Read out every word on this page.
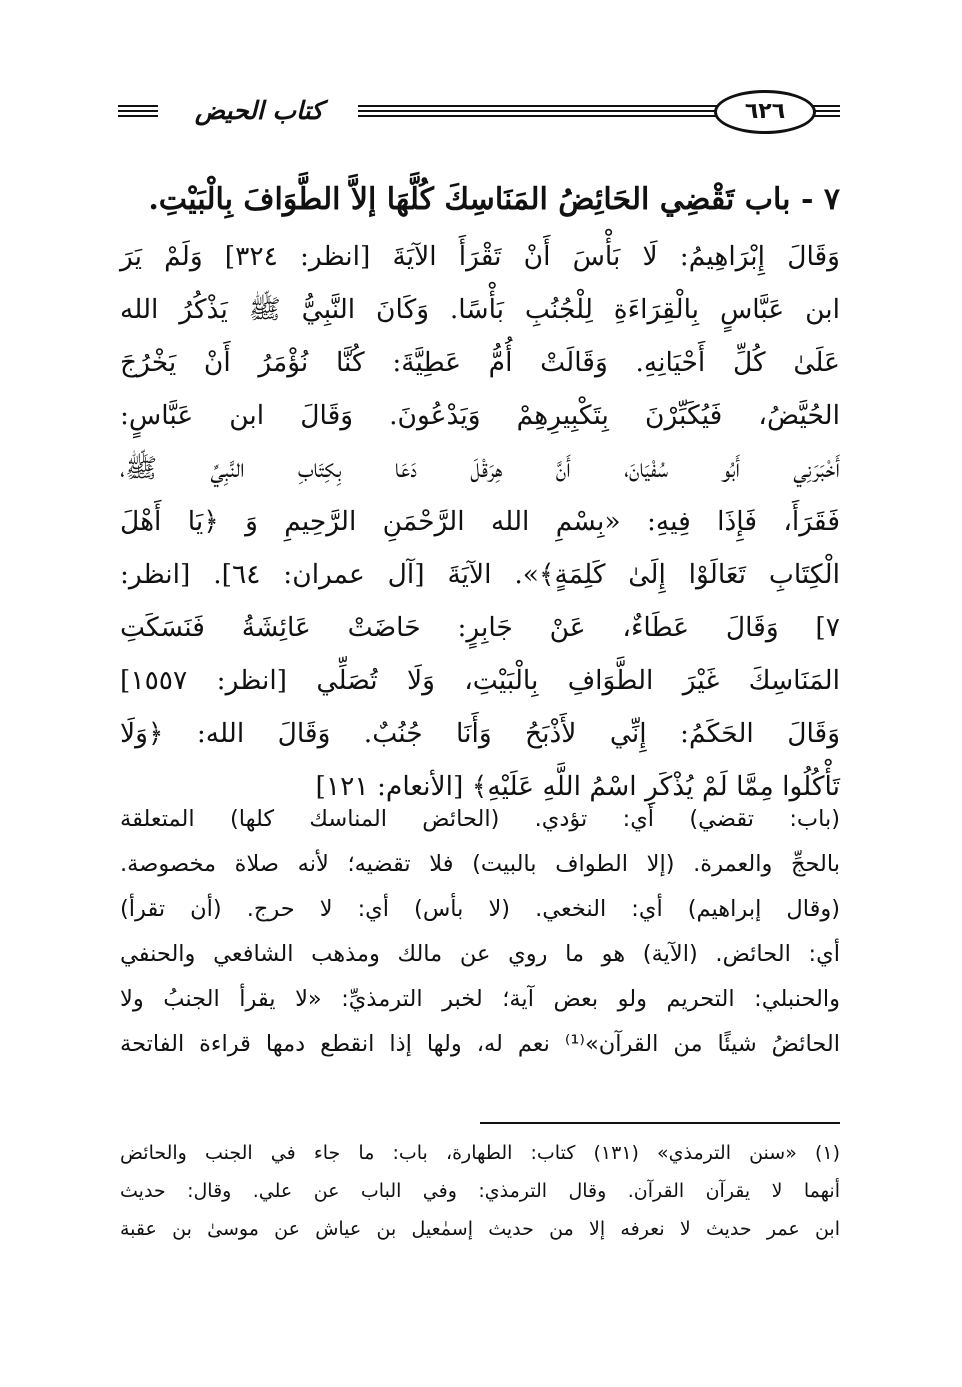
٦٢٦
كتاب الحيض
٧ - باب تَقْضِي الحَائِضُ المَنَاسِكَ كُلَّهَا إلاَّ الطَّوَافَ بِالْبَيْتِ.
وَقَالَ إِبْرَاهِيمُ: لَا بَأْسَ أَنْ تَقْرَأَ الآيَةَ [انظر: ٣٢٤] وَلَمْ يَرَ
ابن عَبَّاسٍ بِالْقِرَاءَةِ لِلْجُنُبِ بَأْسًا. وَكَانَ النَّبِيُّ ﷺ يَذْكُرُ الله
عَلَىٰ كُلِّ أَحْيَانِهِ. وَقَالَتْ أُمُّ عَطِيَّةَ: كُنَّا نُؤْمَرُ أَنْ يَخْرُجَ
الحُيَّضُ، فَيُكَبِّرْنَ بِتَكْبِيرِهِمْ وَيَدْعُونَ. وَقَالَ ابن عَبَّاسٍ:
أَخْبَرَنِي أَبُو سُفْيَانَ، أَنَّ هِرَقْلَ دَعَا بِكِتَابِ النَّبِيِّ ﷺ،
فَقَرَأَ، فَإِذَا فِيهِ: «بِسْمِ الله الرَّحْمَنِ الرَّحِيمِ وَ ﴿يَا أَهْلَ
الْكِتَابِ تَعَالَوْا إِلَىٰ كَلِمَةٍ﴾». الآيَةَ [آل عمران: ٦٤]. [انظر:
٧] وَقَالَ عَطَاءٌ، عَنْ جَابِرٍ: حَاضَتْ عَائِشَةُ فَنَسَكَتِ
المَنَاسِكَ غَيْرَ الطَّوَافِ بِالْبَيْتِ، وَلَا تُصَلِّي [انظر: ١٥٥٧]
وَقَالَ الحَكَمُ: إِنِّي لأَذْبَحُ وَأَنَا جُنُبٌ. وَقَالَ الله: ﴿وَلَا
تَأْكُلُوا مِمَّا لَمْ يُذْكَرِ اسْمُ اللَّهِ عَلَيْهِ﴾ [الأنعام: ١٢١]
(باب: تقضي) أي: تؤدي. (الحائض المناسك كلها) المتعلقة
بالحجِّ والعمرة. (إلا الطواف بالبيت) فلا تقضيه؛ لأنه صلاة مخصوصة.
(وقال إبراهيم) أي: النخعي. (لا بأس) أي: لا حرج. (أن تقرأ)
أي: الحائض. (الآية) هو ما روي عن مالك ومذهب الشافعي والحنفي
والحنبلي: التحريم ولو بعض آية؛ لخبر الترمذيِّ: «لا يقرأ الجنبُ ولا
الحائضُ شيئًا من القرآن»⁽¹⁾ نعم له، ولها إذا انقطع دمها قراءة الفاتحة
(١) «سنن الترمذي» (١٣١) كتاب: الطهارة، باب: ما جاء في الجنب والحائض
أنهما لا يقرآن القرآن. وقال الترمذي: وفي الباب عن علي. وقال: حديث
ابن عمر حديث لا نعرفه إلا من حديث إسمٰعيل بن عياش عن موسىٰ بن عقبة
